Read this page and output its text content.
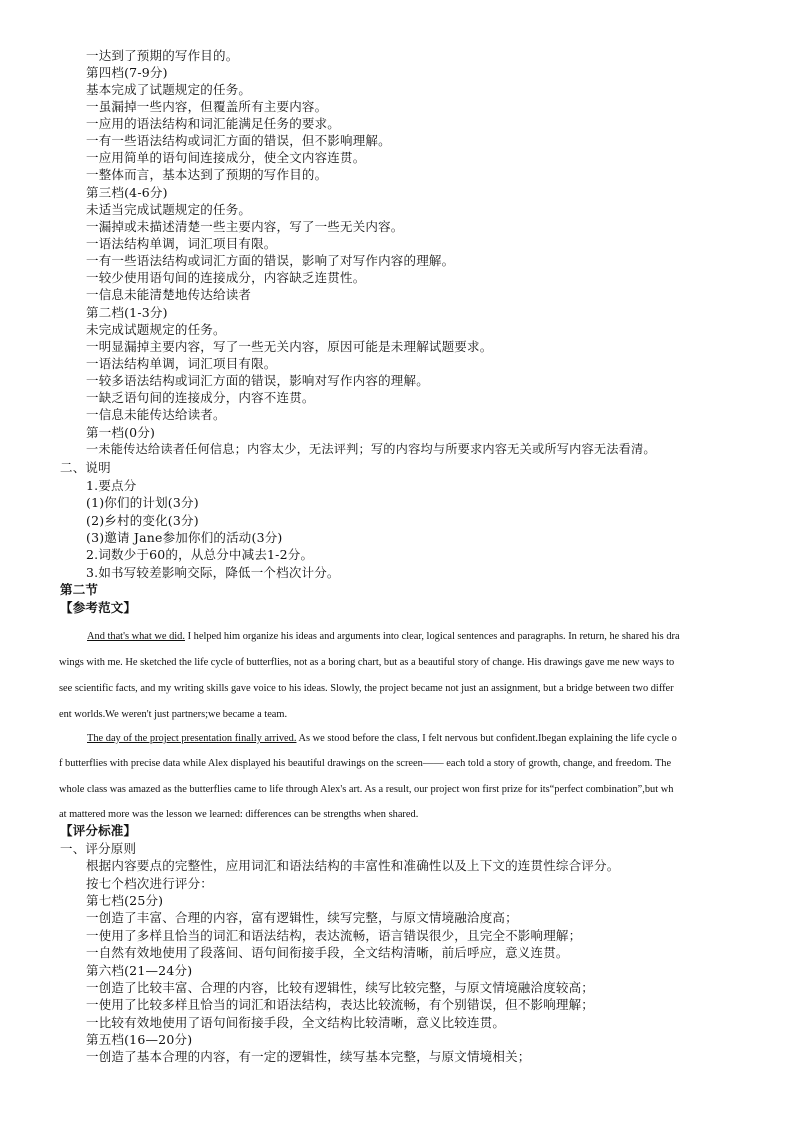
一达到了预期的写作目的。
第四档(7-9分)
基本完成了试题规定的任务。
一虽漏掉一些内容，但覆盖所有主要内容。
一应用的语法结构和词汇能满足任务的要求。
一有一些语法结构或词汇方面的错误，但不影响理解。
一应用简单的语句间连接成分，使全文内容连贯。
一整体而言，基本达到了预期的写作目的。
第三档(4-6分)
未适当完成试题规定的任务。
一漏掉或未描述清楚一些主要内容，写了一些无关内容。
一语法结构单调，词汇项目有限。
一有一些语法结构或词汇方面的错误，影响了对写作内容的理解。
一较少使用语句间的连接成分，内容缺乏连贯性。
一信息未能清楚地传达给读者
第二档(1-3分)
未完成试题规定的任务。
一明显漏掉主要内容，写了一些无关内容，原因可能是未理解试题要求。
一语法结构单调，词汇项目有限。
一较多语法结构或词汇方面的错误，影响对写作内容的理解。
一缺乏语句间的连接成分，内容不连贯。
一信息未能传达给读者。
第一档(0分)
一未能传达给读者任何信息；内容太少，无法评判；写的内容均与所要求内容无关或所写内容无法看清。
二、说明
1.要点分
(1)你们的计划(3分)
(2)乡村的变化(3分)
(3)邀请 Jane参加你们的活动(3分)
2.词数少于60的，从总分中减去1-2分。
3.如书写较差影响交际，降低一个档次计分。
第二节
【参考范文】
And that's what we did. I helped him organize his ideas and arguments into clear, logical sentences and paragraphs. In return, he shared his dra
wings with me. He sketched the life cycle of butterflies, not as a boring chart, but as a beautiful story of change. His drawings gave me new ways to
see scientific facts, and my writing skills gave voice to his ideas. Slowly, the project became not just an assignment, but a bridge between two differ
ent worlds.We weren't just partners;we became a team.
The day of the project presentation finally arrived. As we stood before the class, I felt nervous but confident.Ibegan explaining the life cycle o
f butterflies with precise data while Alex displayed his beautiful drawings on the screen—— each told a story of growth, change, and freedom. The
whole class was amazed as the butterflies came to life through Alex's art. As a result, our project won first prize for its“perfect combination”,but wh
at mattered more was the lesson we learned: differences can be strengths when shared.
【评分标准】
一、评分原则
根据内容要点的完整性，应用词汇和语法结构的丰富性和准确性以及上下文的连贯性综合评分。
按七个档次进行评分：
第七档(25分)
一创造了丰富、合理的内容，富有逻辑性，续写完整，与原文情境融洽度高；
一使用了多样且恰当的词汇和语法结构，表达流畅，语言错误很少，且完全不影响理解；
一自然有效地使用了段落间、语句间衔接手段，全文结构清晰，前后呼应，意义连贯。
第六档(21—24分)
一创造了比较丰富、合理的内容，比较有逻辑性，续写比较完整，与原文情境融洽度较高；
一使用了比较多样且恰当的词汇和语法结构，表达比较流畅，有个别错误，但不影响理解；
一比较有效地使用了语句间衔接手段，全文结构比较清晰，意义比较连贯。
第五档(16—20分)
一创造了基本合理的内容，有一定的逻辑性，续写基本完整，与原文情境相关；
